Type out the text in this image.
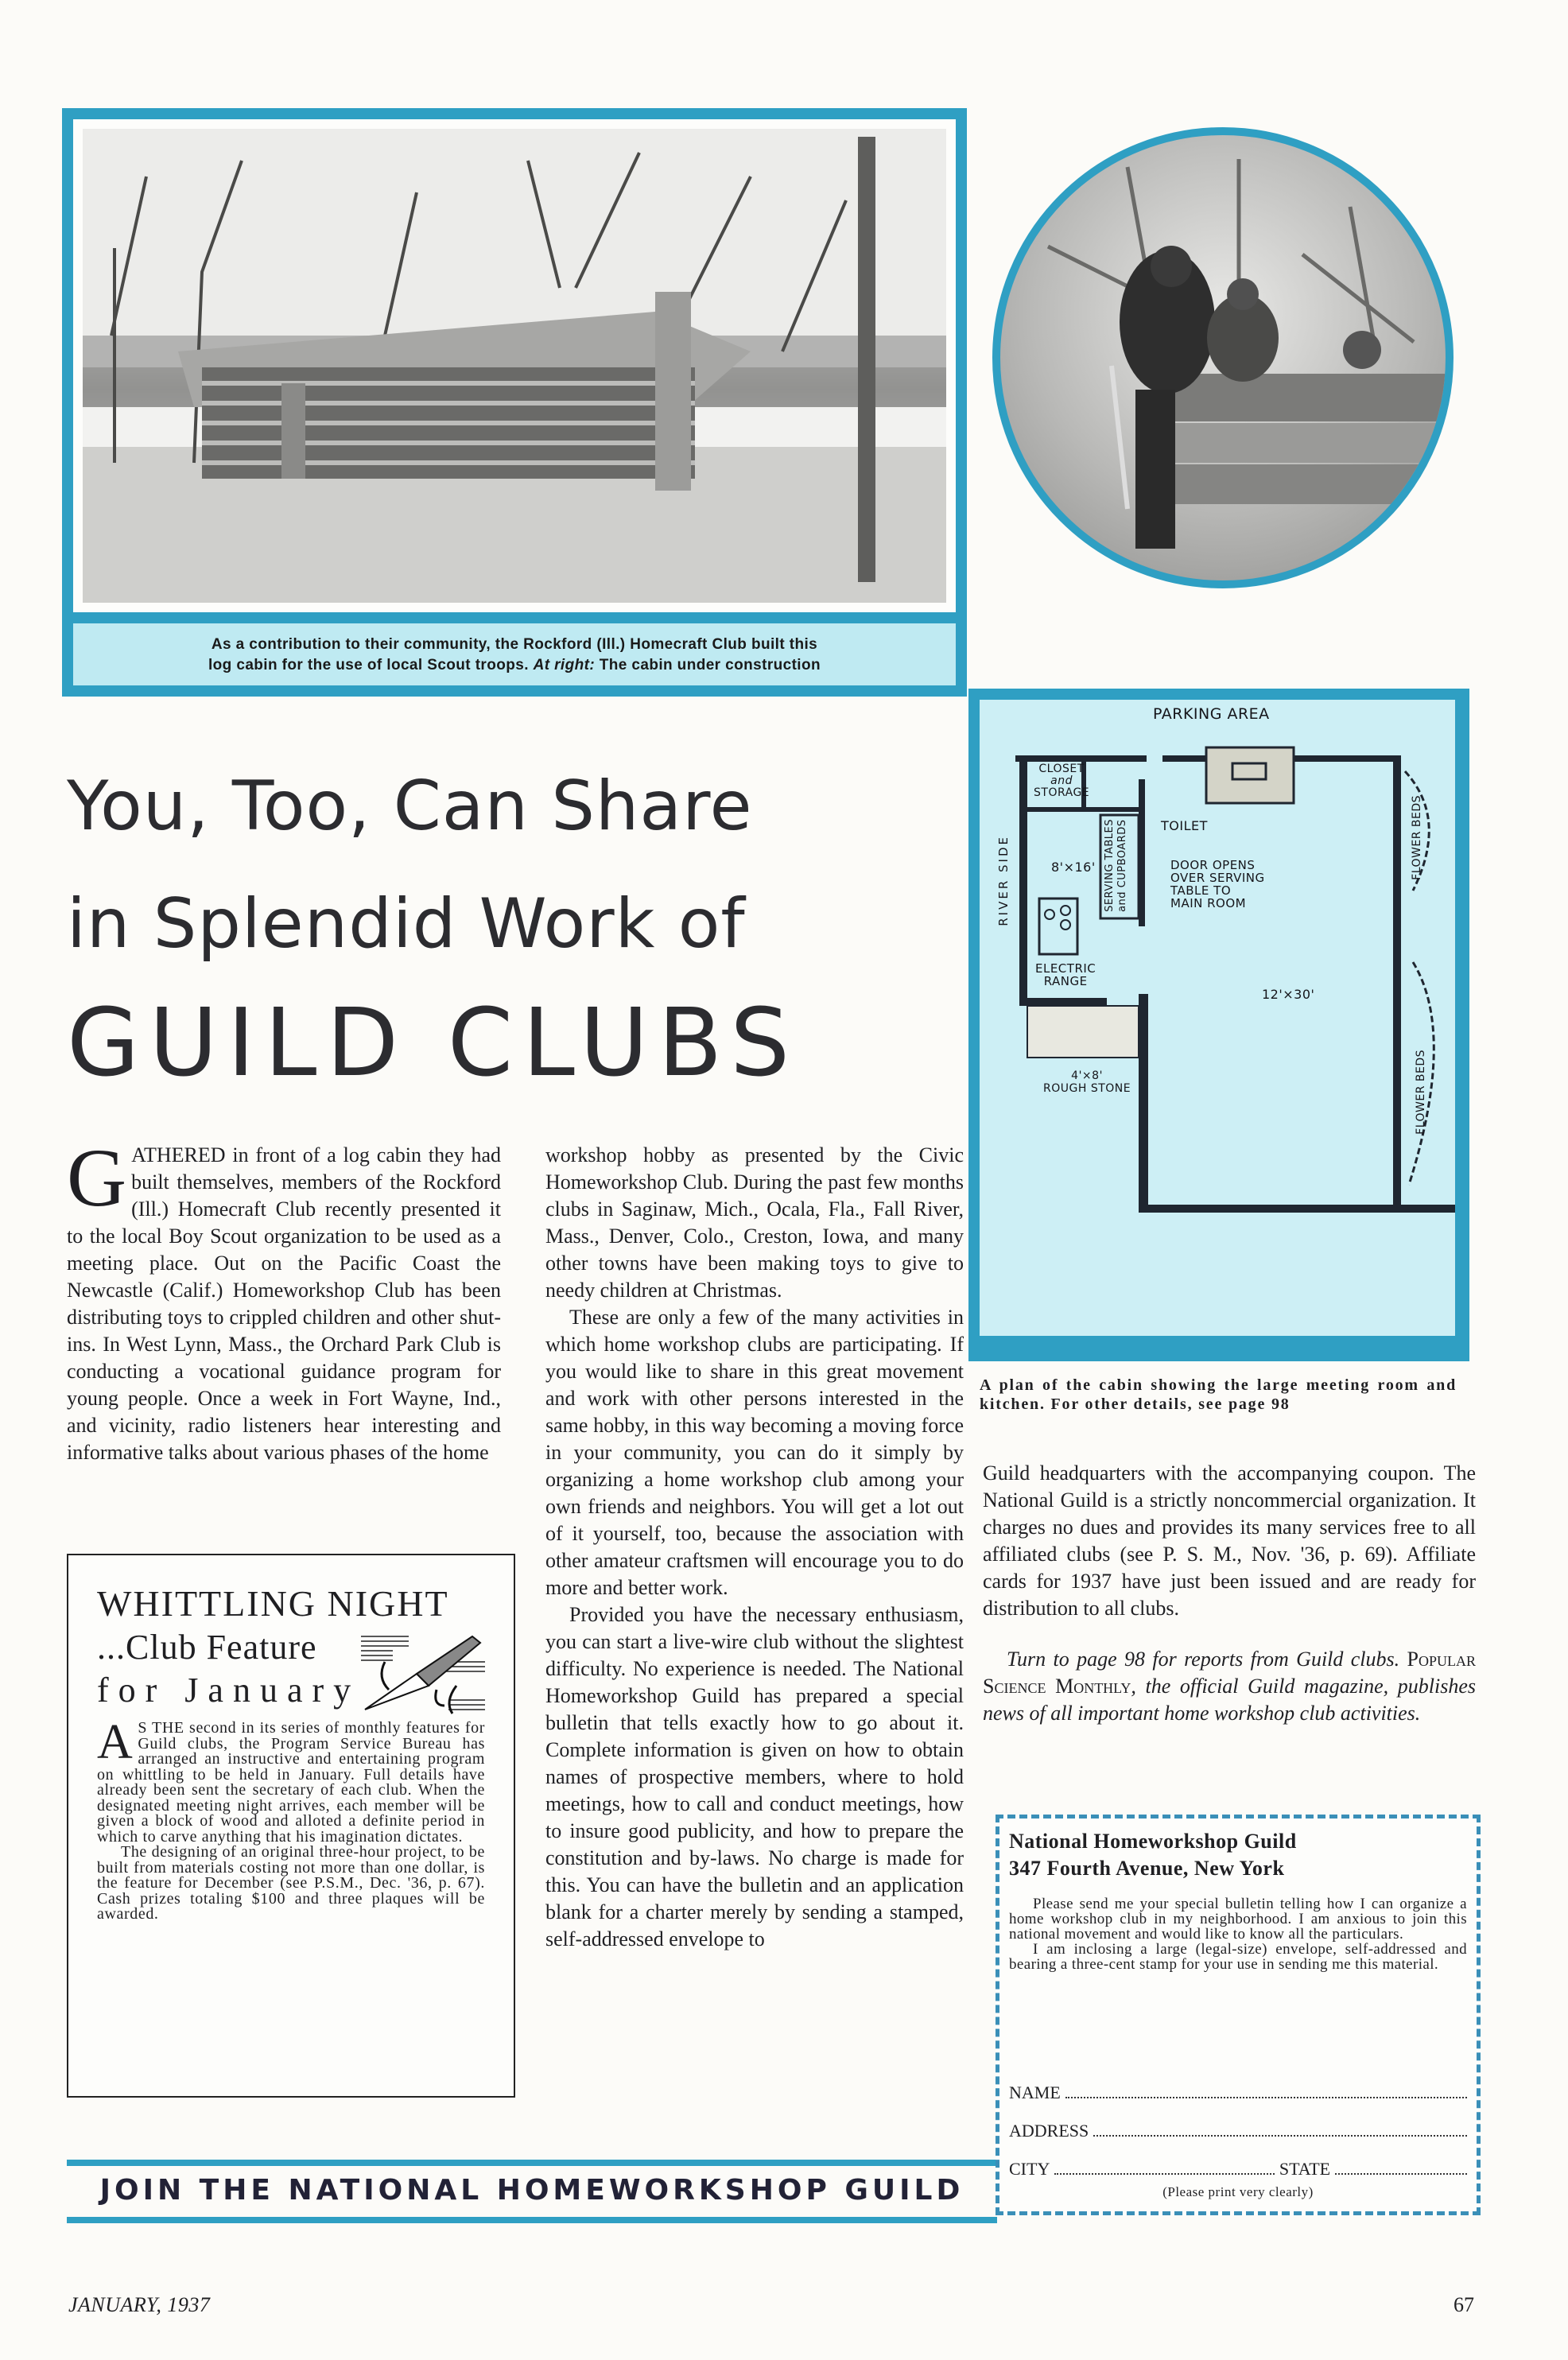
As a contribution to their community, the Rockford (Ill.) Homecraft Club built this
log cabin for the use of local Scout troops. At right: The cabin under construction

PARKING AREA
CLOSET
and
STORAGE
TOILET
8'×16' SERVING TABLES
and CUPBOARDS	DOOR OPENS
OVER SERVING
TABLE TO
MAIN ROOM
RIVER SIDE
ELECTRIC
RANGE
12'×30'
4'×8'
ROUGH STONE
FLOWER BEDS
FLOWER BEDS
A plan of the cabin showing the large meeting room and kitchen. For other details, see page 98
You, Too, Can Share
in Splendid Work of
GUILD CLUBS

GATHERED in front of a log cabin they had built themselves, members of the Rockford (Ill.) Homecraft Club recently presented it to the local Boy Scout organization to be used as a meeting place. Out on the Pacific Coast the Newcastle (Calif.) Homeworkshop Club has been distributing toys to crippled children and other shut-ins. In West Lynn, Mass., the Orchard Park Club is conducting a vocational guidance program for young people. Once a week in Fort Wayne, Ind., and vicinity, radio listeners hear interesting and informative talks about various phases of the home

workshop hobby as presented by the Civic Homeworkshop Club. During the past few months clubs in Saginaw, Mich., Ocala, Fla., Fall River, Mass., Denver, Colo., Creston, Iowa, and many other towns have been making toys to give to needy children at Christmas.

These are only a few of the many activities in which home workshop clubs are participating. If you would like to share in this great movement and work with other persons interested in the same hobby, in this way becoming a moving force in your community, you can do it simply by organizing a home workshop club among your own friends and neighbors. You will get a lot out of it yourself, too, because the association with other amateur craftsmen will encourage you to do more and better work.

Provided you have the necessary enthusiasm, you can start a live-wire club without the slightest difficulty. No experience is needed. The National Homeworkshop Guild has prepared a special bulletin that tells exactly how to go about it. Complete information is given on how to obtain names of prospective members, where to hold meetings, how to call and conduct meetings, how to insure good publicity, and how to prepare the constitution and by-laws. No charge is made for this. You can have the bulletin and an application blank for a charter merely by sending a stamped, self-addressed envelope to

Guild headquarters with the accompanying coupon. The National Guild is a strictly noncommercial organization. It charges no dues and provides its many services free to all affiliated clubs (see P. S. M., Nov. '36, p. 69). Affiliate cards for 1937 have just been issued and are ready for distribution to all clubs.

Turn to page 98 for reports from Guild clubs. Popular Science Monthly, the official Guild magazine, publishes news of all important home workshop club activities.

WHITTLING NIGHT
...Club Feature
for January

A S THE second in its series of monthly features for Guild clubs, the Program Service Bureau has arranged an instructive and entertaining program on whittling to be held in January. Full details have already been sent the secretary of each club. When the designated meeting night arrives, each member will be given a block of wood and alloted a definite period in which to carve anything that his imagination dictates.

The designing of an original three-hour project, to be built from materials costing not more than one dollar, is the feature for December (see P.S.M., Dec. '36, p. 67). Cash prizes totaling $100 and three plaques will be awarded.

JOIN THE NATIONAL HOMEWORKSHOP GUILD
National Homeworkshop Guild
347 Fourth Avenue, New York

Please send me your special bulletin telling how I can organize a home workshop club in my neighborhood. I am anxious to join this national movement and would like to know all the particulars.

I am inclosing a large (legal-size) envelope, self-addressed and bearing a three-cent stamp for your use in sending me this material.

NAME
ADDRESS
CITY	STATE
(Please print very clearly)
JANUARY, 1937	67
